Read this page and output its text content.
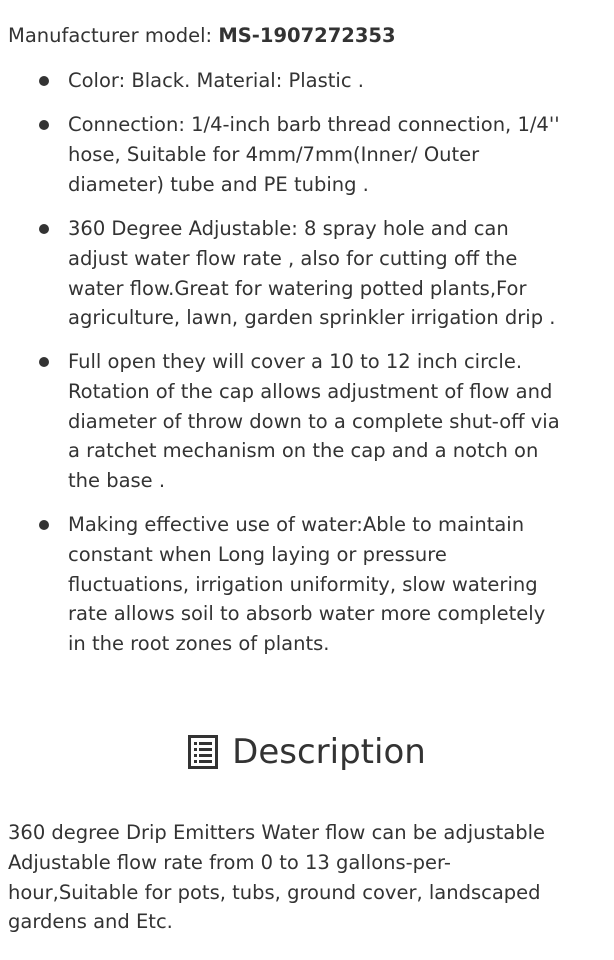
Manufacturer model: MS-1907272353
Color: Black. Material: Plastic .
Connection: 1/4-inch barb thread connection, 1/4''
hose, Suitable for 4mm/7mm(Inner/ Outer
diameter) tube and PE tubing .
360 Degree Adjustable: 8 spray hole and can
adjust water flow rate , also for cutting off the
water flow.Great for watering potted plants,For
agriculture, lawn, garden sprinkler irrigation drip .
Full open they will cover a 10 to 12 inch circle.
Rotation of the cap allows adjustment of flow and
diameter of throw down to a complete shut-off via
a ratchet mechanism on the cap and a notch on
the base .
Making effective use of water:Able to maintain
constant when Long laying or pressure
fluctuations, irrigation uniformity, slow watering
rate allows soil to absorb water more completely
in the root zones of plants.
Description
360 degree Drip Emitters Water flow can be adjustable
Adjustable flow rate from 0 to 13 gallons-per-
hour,Suitable for pots, tubs, ground cover, landscaped
gardens and Etc.
